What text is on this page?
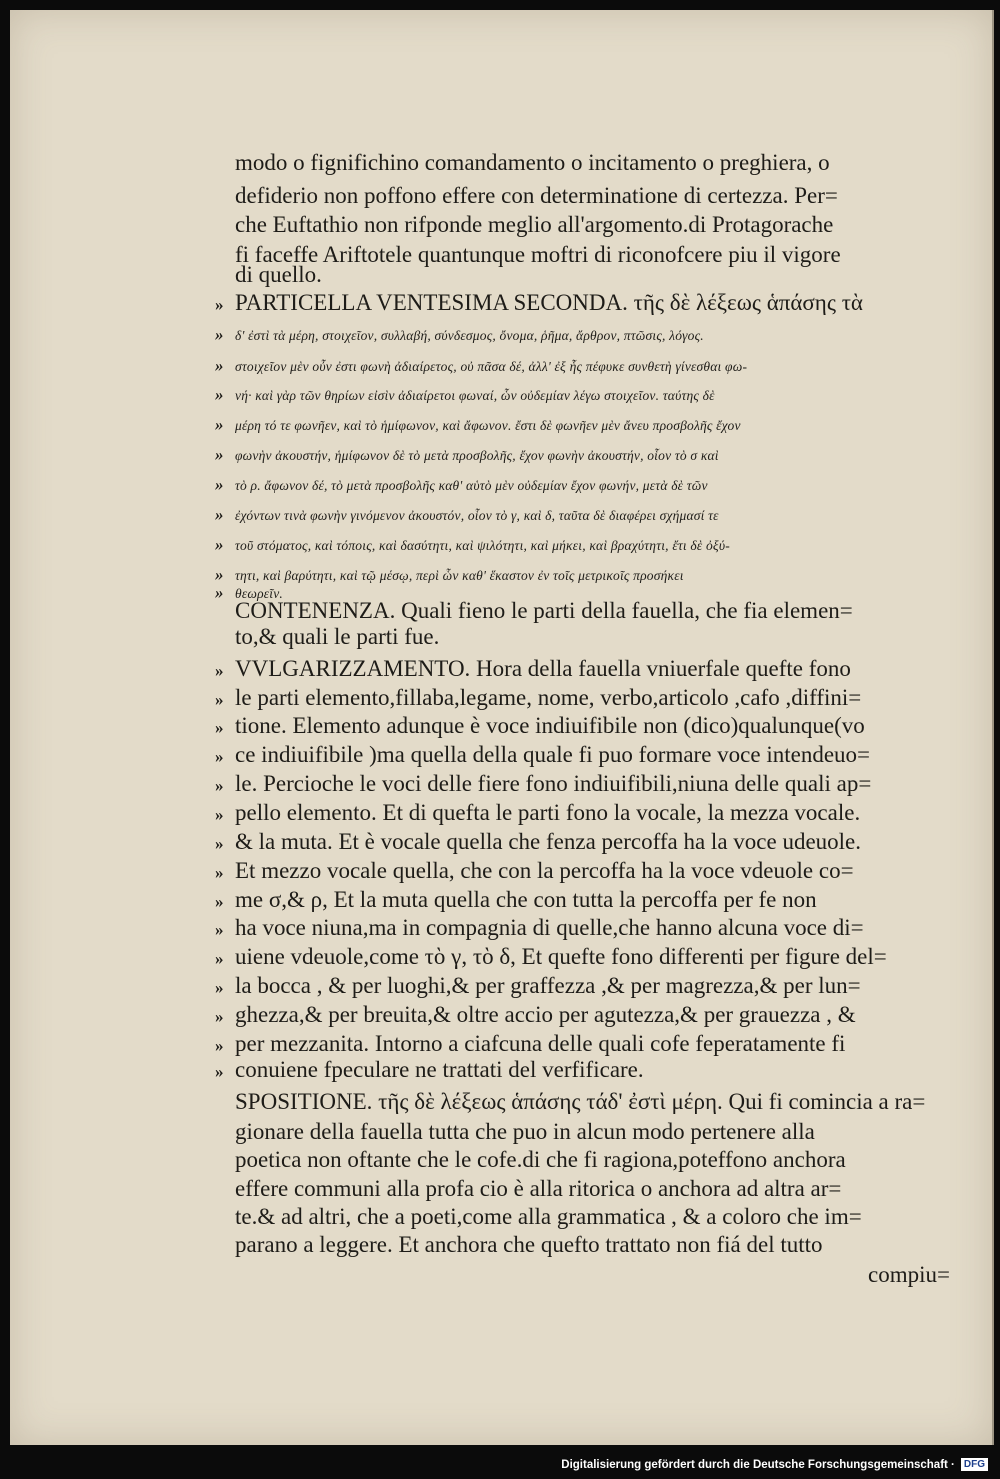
modo o fignifichino comandamento o incitamento o preghiera, o
defiderio non poffono effere con determinatione di certezza. Per=
che Euftathio non rifponde meglio all'argomento.di Protagorache
fi faceffe Ariftotele quantunque moftri di riconofcere piu il vigore
di quello.
» PARTICELLA VENTESIMA SECONDA. τῆς δὲ λέξεως ἁπάσης τὰ
» δ' ἐστὶ τὰ μέρη, στοιχεῖον, συλλαβή, σύνδεσμος, ὄνομα, ῥῆμα, ἄρθρον, πτῶσις, λόγος.
» στοιχεῖον μὲν οὖν ἐστι φωνὴ ἀδιαίρετος, οὐ πᾶσα δέ, ἀλλ' ἐξ ἧς πέφυκε συνθετὴ γίνεσθαι φω-
» νή· καὶ γὰρ τῶν θηρίων εἰσὶν ἀδιαίρετοι φωναί, ὧν οὐδεμίαν λέγω στοιχεῖον. ταύτης δὲ
» μέρη τό τε φωνῆεν, καὶ τὸ ἡμίφωνον, καὶ ἄφωνον. ἔστι δὲ φωνῆεν μὲν ἄνευ προσβολῆς ἔχον
» φωνὴν ἀκουστήν, ἡμίφωνον δὲ τὸ μετὰ προσβολῆς, ἔχον φωνὴν ἀκουστήν, οἷον τὸ σ καὶ
» τὸ ρ. ἄφωνον δέ, τὸ μετὰ προσβολῆς καθ' αὑτὸ μὲν οὐδεμίαν ἔχον φωνήν, μετὰ δὲ τῶν
» ἐχόντων τινὰ φωνὴν γινόμενον ἀκουστόν, οἷον τὸ γ, καὶ δ, ταῦτα δὲ διαφέρει σχήμασί τε
» τοῦ στόματος, καὶ τόποις, καὶ δασύτητι, καὶ ψιλότητι, καὶ μήκει, καὶ βραχύτητι, ἔτι δὲ ὀξύ-
» τητι, καὶ βαρύτητι, καὶ τῷ μέσῳ, περὶ ὧν καθ' ἕκαστον ἐν τοῖς μετρικοῖς προσήκει
» θεωρεῖν.
CONTENENZA. Quali fieno le parti della fauella, che fia elemen=
to,& quali le parti fue.
» VVLGARIZZAMENTO. Hora della fauella vniuerfale quefte fono
» le parti elemento,fillaba,legame, nome, verbo,articolo ,cafo ,diffini=
» tione. Elemento adunque è voce indiuifibile non (dico)qualunque(vo
» ce indiuifibile )ma quella della quale fi puo formare voce intendeuo=
» le. Percioche le voci delle fiere fono indiuifibili,niuna delle quali ap=
» pello elemento. Et di quefta le parti fono la vocale, la mezza vocale.
» & la muta. Et è vocale quella che fenza percoffa ha la voce udeuole.
» Et mezzo vocale quella, che con la percoffa ha la voce vdeuole co=
» me σ,& ρ, Et la muta quella che con tutta la percoffa per fe non
» ha voce niuna,ma in compagnia di quelle,che hanno alcuna voce di=
» uiene vdeuole,come τὸ γ, τὸ δ, Et quefte fono differenti per figure del=
» la bocca , & per luoghi,& per graffezza ,& per magrezza,& per lun=
» ghezza,& per breuita,& oltre accio per agutezza,& per grauezza , &
» per mezzanita. Intorno a ciafcuna delle quali cofe feperatamente fi
» conuiene fpeculare ne trattati del verfificare.
SPOSITIONE. τῆς δὲ λέξεως ἁπάσης τάδ' ἐστὶ μέρη. Qui fi comincia a ra=
gionare della fauella tutta che puo in alcun modo pertenere alla
poetica non oftante che le cofe.di che fi ragiona,poteffono anchora
effere communi alla profa cio è alla ritorica o anchora ad altra ar=
te.& ad altri, che a poeti,come alla grammatica , & a coloro che im=
parano a leggere. Et anchora che quefto trattato non fiá del tutto
compiu=
Digitalisierung gefördert durch die Deutsche Forschungsgemeinschaft · DFG
